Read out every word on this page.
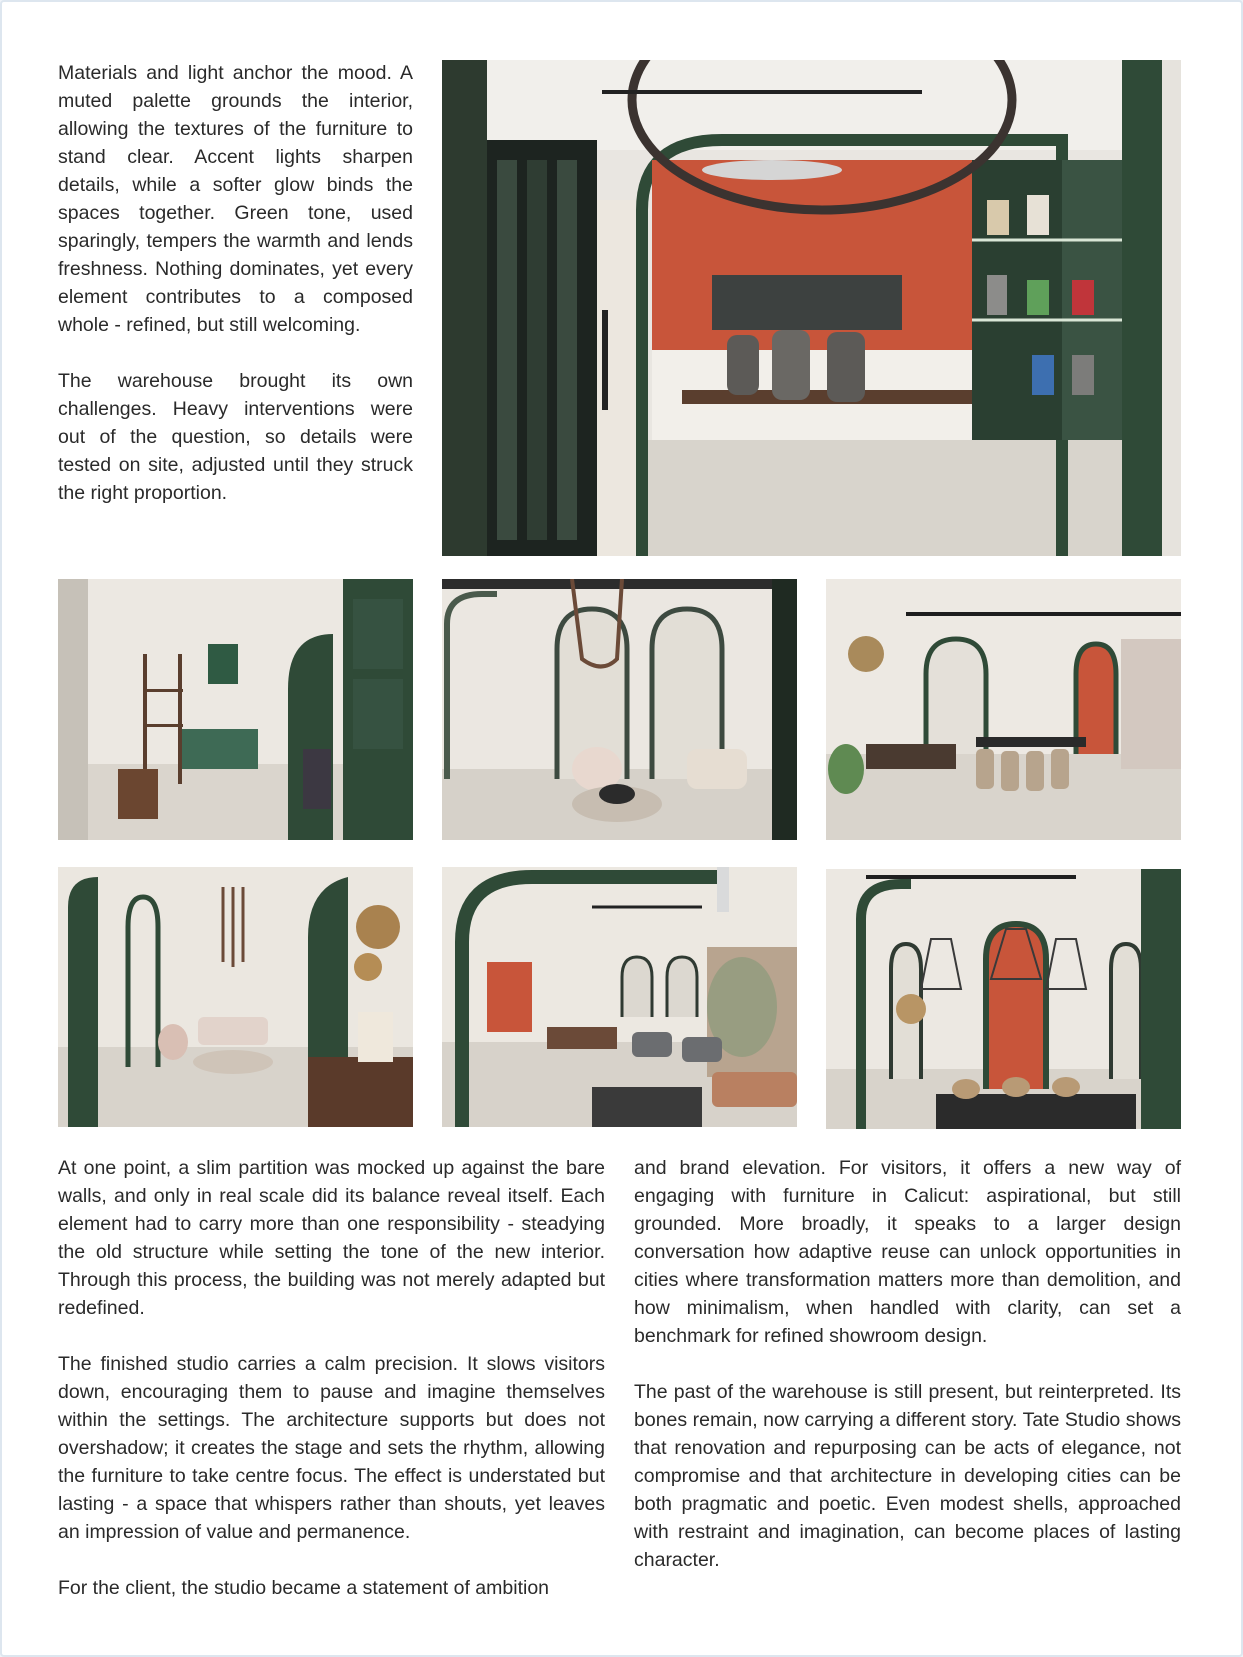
Materials and light anchor the mood. A muted palette grounds the interior, allowing the textures of the furniture to stand clear. Accent lights sharpen details, while a softer glow binds the spaces together. Green tone, used sparingly, tempers the warmth and lends freshness. Nothing dominates, yet every element contributes to a composed whole - refined, but still welcoming.

The warehouse brought its own challenges. Heavy interventions were out of the question, so details were tested on site, adjusted until they struck the right proportion.

At one point, a slim partition was mocked up against the bare walls, and only in real scale did its balance reveal itself. Each element had to carry more than one responsibility - steadying the old structure while setting the tone of the new interior. Through this process, the building was not merely adapted but redefined.

The finished studio carries a calm precision. It slows visitors down, encouraging them to pause and imagine themselves within the settings. The architecture supports but does not overshadow; it creates the stage and sets the rhythm, allowing the furniture to take centre focus. The effect is understated but lasting - a space that whispers rather than shouts, yet leaves an impression of value and permanence.

For the client, the studio became a statement of ambition

and brand elevation. For visitors, it offers a new way of engaging with furniture in Calicut: aspirational, but still grounded. More broadly, it speaks to a larger design conversation how adaptive reuse can unlock opportunities in cities where transformation matters more than demolition, and how minimalism, when handled with clarity, can set a benchmark for refined showroom design.

The past of the warehouse is still present, but reinterpreted. Its bones remain, now carrying a different story. Tate Studio shows that renovation and repurposing can be acts of elegance, not compromise and that architecture in developing cities can be both pragmatic and poetic. Even modest shells, approached with restraint and imagination, can become places of lasting character.
